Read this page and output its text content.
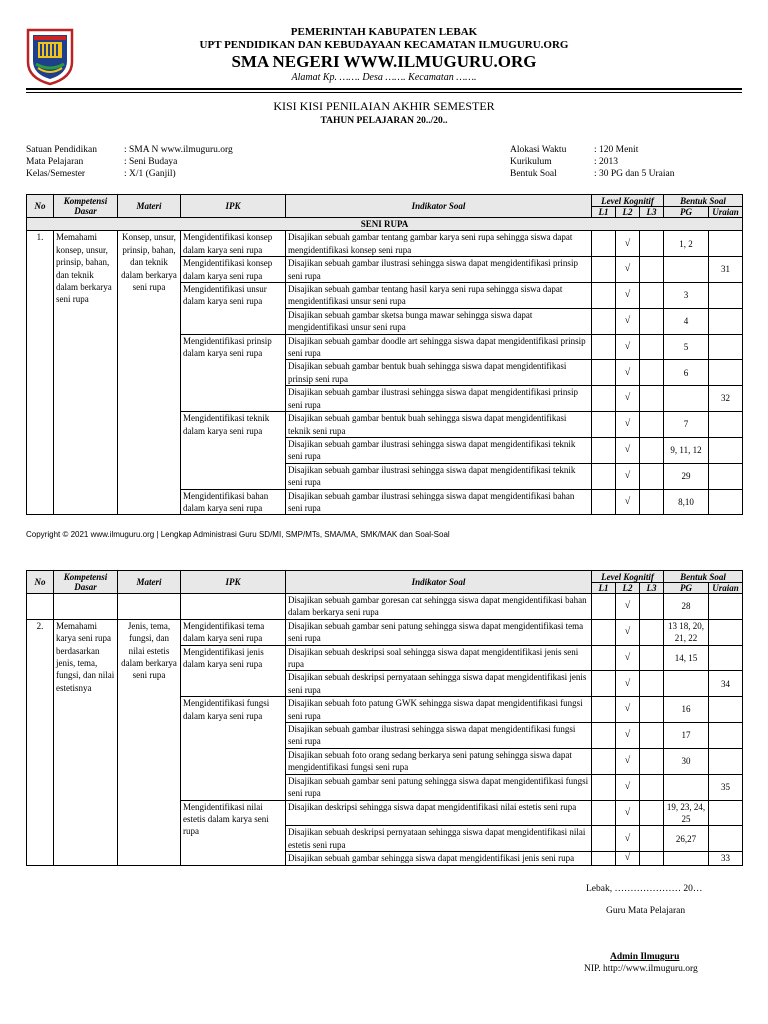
PEMERINTAH KABUPATEN LEBAK
UPT PENDIDIKAN DAN KEBUDAYAAN KECAMATAN ILMUGURU.ORG
SMA NEGERI WWW.ILMUGURU.ORG
Alamat Kp. ……. Desa ……. Kecamatan …….
KISI KISI PENILAIAN AKHIR SEMESTER
TAHUN PELAJARAN 20../20..
Satuan Pendidikan	: SMA N www.ilmuguru.org
Mata Pelajaran	: Seni Budaya
Kelas/Semester	: X/1 (Ganjil)
Alokasi Waktu	: 120 Menit
Kurikulum	: 2013
Bentuk Soal	: 30 PG dan 5 Uraian
No	Kompetensi Dasar	Materi	IPK	Indikator Soal	Level Kognitif			Bentuk Soal	
					L1	L2	L3	PG	Uraian
SENI RUPA									
1.	Memahami konsep, unsur, prinsip, bahan, dan teknik dalam berkarya seni rupa	Konsep, unsur, prinsip, bahan, dan teknik dalam berkarya seni rupa	Mengidentifikasi konsep dalam karya seni rupa	Disajikan sebuah gambar tentang gambar karya seni rupa sehingga siswa dapat mengidentifikasi konsep seni rupa		√		1, 2	
			Mengidentifikasi konsep dalam karya seni rupa	Disajikan sebuah gambar ilustrasi sehingga siswa dapat mengidentifikasi prinsip seni rupa		√			31
			Mengidentifikasi unsur dalam karya seni rupa	Disajikan sebuah gambar tentang hasil karya seni rupa sehingga siswa dapat mengidentifikasi unsur seni rupa		√		3	
				Disajikan sebuah gambar sketsa bunga mawar sehingga siswa dapat mengidentifikasi unsur seni rupa		√		4	
			Mengidentifikasi prinsip dalam karya seni rupa	Disajikan sebuah gambar doodle art sehingga siswa dapat mengidentifikasi prinsip seni rupa		√		5	
				Disajikan sebuah gambar bentuk buah sehingga siswa dapat mengidentifikasi prinsip seni rupa		√		6	
				Disajikan sebuah gambar ilustrasi sehingga siswa dapat mengidentifikasi prinsip seni rupa		√			32
			Mengidentifikasi teknik dalam karya seni rupa	Disajikan sebuah gambar bentuk buah sehingga siswa dapat mengidentifikasi teknik seni rupa		√		7	
				Disajikan sebuah gambar ilustrasi sehingga siswa dapat mengidentifikasi teknik seni rupa		√		9, 11, 12	
				Disajikan sebuah gambar ilustrasi sehingga siswa dapat mengidentifikasi teknik seni rupa		√		29	
			Mengidentifikasi bahan dalam karya seni rupa	Disajikan sebuah gambar ilustrasi sehingga siswa dapat mengidentifikasi bahan seni rupa		√		8,10	
Copyright © 2021 www.ilmuguru.org | Lengkap Administrasi Guru SD/MI, SMP/MTs, SMA/MA, SMK/MAK dan Soal-Soal
No	Kompetensi Dasar	Materi	IPK	Indikator Soal	Level Kognitif			Bentuk Soal	
					L1	L2	L3	PG	Uraian
				Disajikan sebuah gambar goresan cat sehingga siswa dapat mengidentifikasi bahan dalam berkarya seni rupa		√		28	
2.	Memahami karya seni rupa berdasarkan jenis, tema, fungsi, dan nilai estetisnya	Jenis, tema, fungsi, dan nilai estetis dalam berkarya seni rupa	Mengidentifikasi tema dalam karya seni rupa	Disajikan sebuah gambar seni patung sehingga siswa dapat mengidentifikasi tema seni rupa		√		13 18, 20, 21, 22	
			Mengidentifikasi jenis dalam karya seni rupa	Disajikan sebuah deskripsi soal sehingga siswa dapat mengidentifikasi jenis seni rupa		√		14, 15	
				Disajikan sebuah deskripsi pernyataan sehingga siswa dapat mengidentifikasi jenis seni rupa		√			34
			Mengidentifikasi fungsi dalam karya seni rupa	Disajikan sebuah foto patung GWK sehingga siswa dapat mengidentifikasi fungsi seni rupa		√		16	
				Disajikan sebuah gambar ilustrasi sehingga siswa dapat mengidentifikasi fungsi seni rupa		√		17	
				Disajikan sebuah foto orang sedang berkarya seni patung sehingga siswa dapat mengidentifikasi fungsi seni rupa		√		30	
				Disajikan sebuah gambar seni patung sehingga siswa dapat mengidentifikasi fungsi seni rupa		√			35
			Mengidentifikasi nilai estetis dalam karya seni rupa	Disajikan deskripsi sehingga siswa dapat mengidentifikasi nilai estetis seni rupa		√		19, 23, 24, 25	
				Disajikan sebuah deskripsi pernyataan sehingga siswa dapat mengidentifikasi nilai estetis seni rupa		√		26,27	
				Disajikan sebuah gambar sehingga siswa dapat mengidentifikasi jenis seni rupa		√			33
Lebak, ………………… 20…
Guru Mata Pelajaran
Admin Ilmuguru
NIP. http://www.ilmuguru.org
